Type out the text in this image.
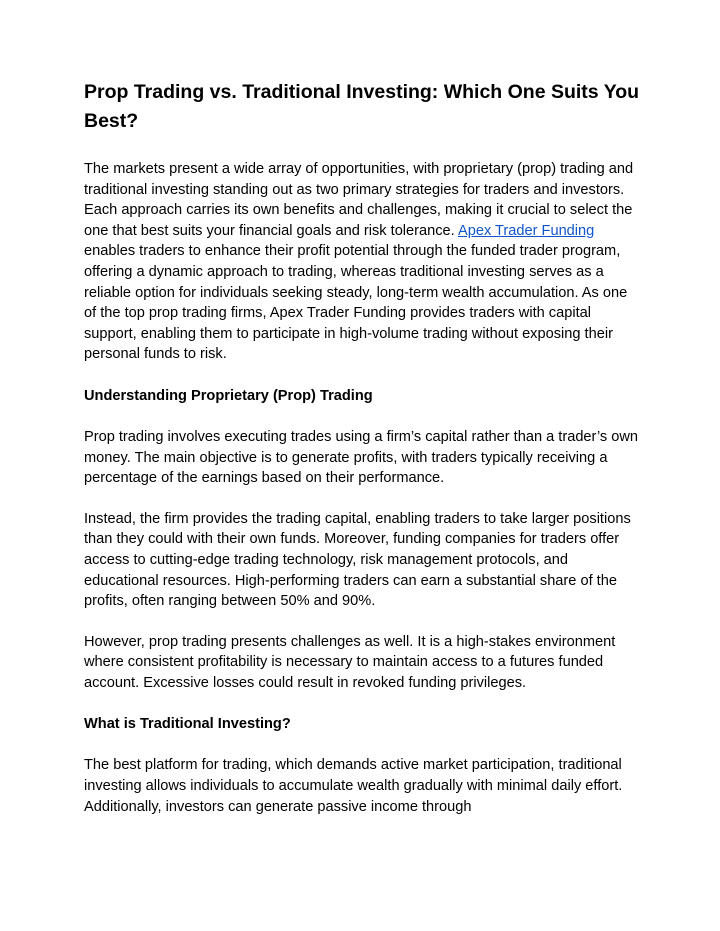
Prop Trading vs. Traditional Investing: Which One Suits You Best?

The markets present a wide array of opportunities, with proprietary (prop) trading and traditional investing standing out as two primary strategies for traders and investors. Each approach carries its own benefits and challenges, making it crucial to select the one that best suits your financial goals and risk tolerance. Apex Trader Funding enables traders to enhance their profit potential through the funded trader program, offering a dynamic approach to trading, whereas traditional investing serves as a reliable option for individuals seeking steady, long-term wealth accumulation. As one of the top prop trading firms, Apex Trader Funding provides traders with capital support, enabling them to participate in high-volume trading without exposing their personal funds to risk.

Understanding Proprietary (Prop) Trading

Prop trading involves executing trades using a firm’s capital rather than a trader’s own money. The main objective is to generate profits, with traders typically receiving a percentage of the earnings based on their performance.

Instead, the firm provides the trading capital, enabling traders to take larger positions than they could with their own funds. Moreover, funding companies for traders offer access to cutting-edge trading technology, risk management protocols, and educational resources. High-performing traders can earn a substantial share of the profits, often ranging between 50% and 90%.

However, prop trading presents challenges as well. It is a high-stakes environment where consistent profitability is necessary to maintain access to a futures funded account. Excessive losses could result in revoked funding privileges.

What is Traditional Investing?

The best platform for trading, which demands active market participation, traditional investing allows individuals to accumulate wealth gradually with minimal daily effort. Additionally, investors can generate passive income through
